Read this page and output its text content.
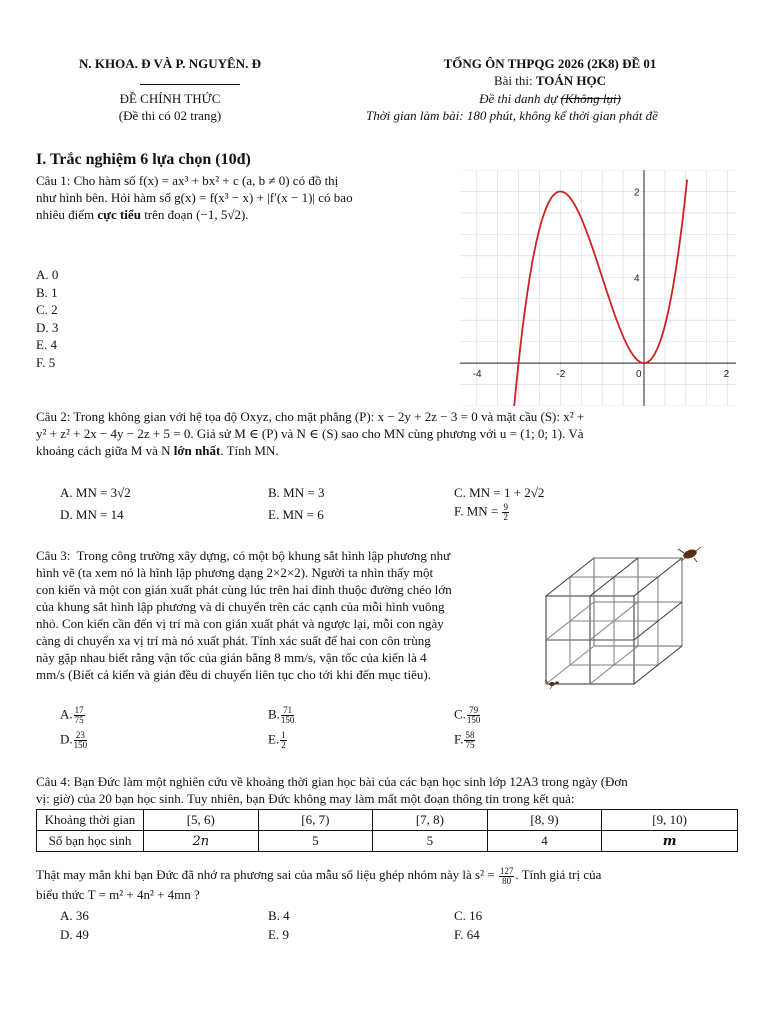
N. KHOA. Đ VÀ P. NGUYÊN. Đ
ĐỀ CHÍNH THỨC
(Đề thi có 02 trang)
TỔNG ÔN THPQG 2026 (2K8) ĐỀ 01
Bài thi: TOÁN HỌC
Đề thi danh dự (Không lụi)
Thời gian làm bài: 180 phút, không kể thời gian phát đề
I. Trắc nghiệm 6 lựa chọn (10đ)
Câu 1: Cho hàm số f(x) = ax³ + bx² + c (a, b ≠ 0) có đồ thị
như hình bên. Hỏi hàm số g(x) = f(x³ − x) + |f′(x − 1)| có bao
nhiêu điểm cực tiểu trên đoạn (−1, 5√2).
A. 0
B. 1
C. 2
D. 3
E. 4
F. 5
-4	-2	0	2
4
2
Câu 2: Trong không gian với hệ tọa độ Oxyz, cho mặt phẳng (P): x − 2y + 2z − 3 = 0 và mặt cầu (S): x² +
y² + z² + 2x − 4y − 2z + 5 = 0. Giả sử M ∈ (P) và N ∈ (S) sao cho MN cùng phương với u = (1; 0; 1). Và
khoảng cách giữa M và N lớn nhất. Tính MN.
A. MN = 3√2	B. MN = 3	C. MN = 1 + 2√2
D. MN = 14	E. MN = 6	F. MN = $\frac{9}{2}$
Câu 3: Trong công trường xây dựng, có một bộ khung sắt hình lập phương như
hình vẽ (ta xem nó là hình lập phương dạng 2×2×2). Người ta nhìn thấy một
con kiến và một con gián xuất phát cùng lúc trên hai đỉnh thuộc đường chéo lớn
của khung sắt hình lập phương và di chuyển trên các cạnh của mỗi hình vuông
nhỏ. Con kiến cần đến vị trí mà con gián xuất phát và ngược lại, mỗi con ngày
càng di chuyển xa vị trí mà nó xuất phát. Tính xác suất để hai con côn trùng
này gặp nhau biết rằng vận tốc của gián bằng 8 mm/s, vận tốc của kiến là 4
mm/s (Biết cả kiến và gián đều di chuyển liên tục cho tới khi đến mục tiêu).
A. $\frac{17}{75}$	B. $\frac{71}{150}$	C. $\frac{79}{150}$
D. $\frac{23}{150}$	E. $\frac{1}{2}$	F. $\frac{58}{75}$
Câu 4: Bạn Đức làm một nghiên cứu về khoảng thời gian học bài của các bạn học sinh lớp 12A3 trong ngày (Đơn
vị: giờ) của 20 bạn học sinh. Tuy nhiên, bạn Đức không may làm mất một đoạn thông tin trong kết quả:
Khoảng thời gian	[5, 6)	[6, 7)	[7, 8)	[8, 9)	[9, 10)
Số bạn học sinh	2n	5	5	4	m
Thật may mắn khi bạn Đức đã nhớ ra phương sai của mẫu số liệu ghép nhóm này là $s^2 = \frac{127}{80}$ . Tính giá trị của
biểu thức T = m² + 4n² + 4mn ?
A. 36	B. 4	C. 16
D. 49	E. 9	F. 64
